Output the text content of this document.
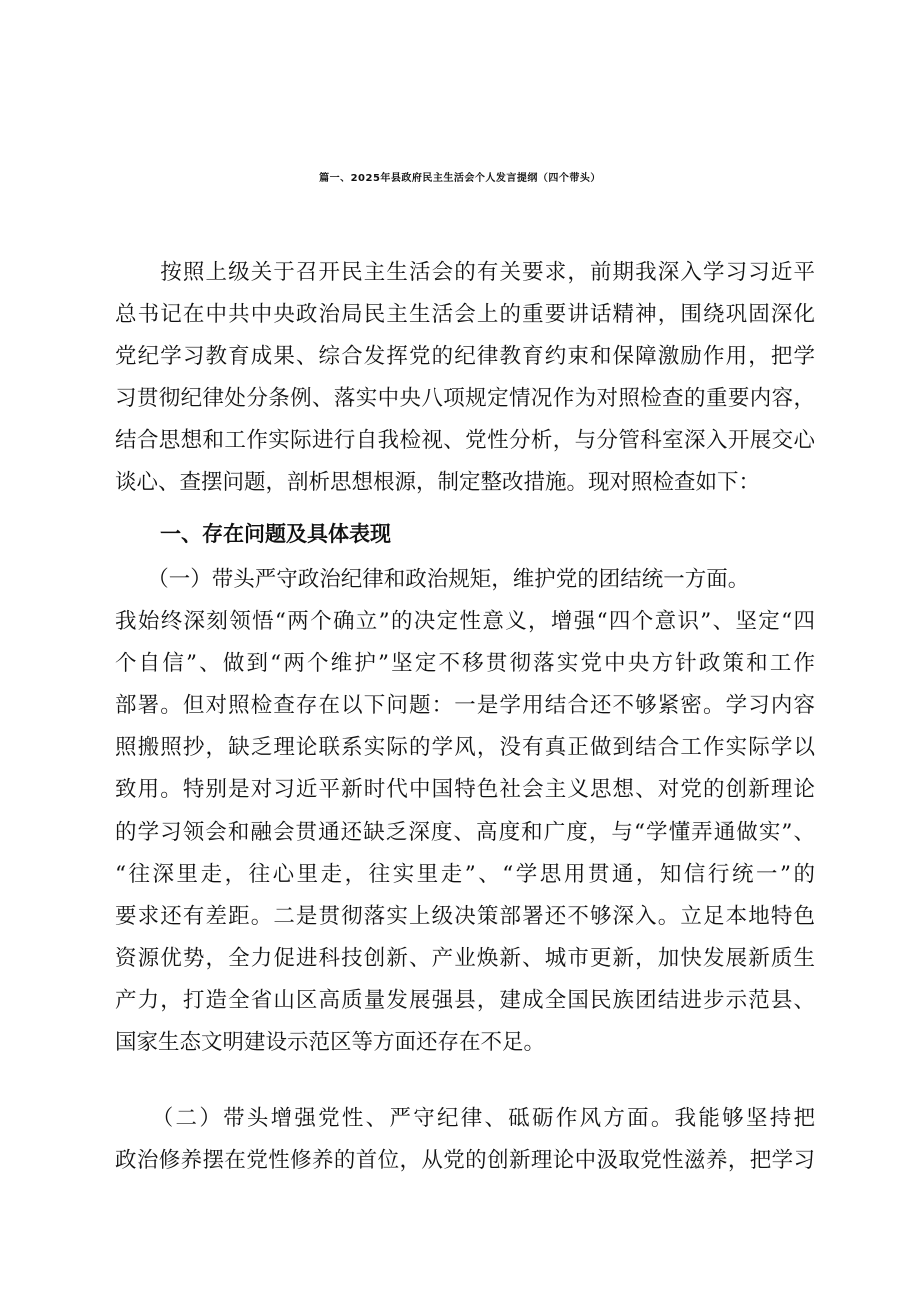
篇一、2025年县政府民主生活会个人发言提纲（四个带头）
　　按照上级关于召开民主生活会的有关要求，前期我深入学习习近平
总书记在中共中央政治局民主生活会上的重要讲话精神，围绕巩固深化
党纪学习教育成果、综合发挥党的纪律教育约束和保障激励作用，把学
习贯彻纪律处分条例、落实中央八项规定情况作为对照检查的重要内容，
结合思想和工作实际进行自我检视、党性分析，与分管科室深入开展交心
谈心、查摆问题，剖析思想根源，制定整改措施。现对照检查如下：
一、存在问题及具体表现
　　（一）带头严守政治纪律和政治规矩，维护党的团结统一方面。
我始终深刻领悟“两个确立”的决定性意义，增强“四个意识”、坚定“四
个自信”、做到“两个维护”坚定不移贯彻落实党中央方针政策和工作
部署。但对照检查存在以下问题：一是学用结合还不够紧密。学习内容
照搬照抄，缺乏理论联系实际的学风，没有真正做到结合工作实际学以
致用。特别是对习近平新时代中国特色社会主义思想、对党的创新理论
的学习领会和融会贯通还缺乏深度、高度和广度，与“学懂弄通做实”、
“往深里走，往心里走，往实里走”、“学思用贯通，知信行统一”的
要求还有差距。二是贯彻落实上级决策部署还不够深入。立足本地特色
资源优势，全力促进科技创新、产业焕新、城市更新，加快发展新质生
产力，打造全省山区高质量发展强县，建成全国民族团结进步示范县、
国家生态文明建设示范区等方面还存在不足。
　　（二）带头增强党性、严守纪律、砥砺作风方面。我能够坚持把
政治修养摆在党性修养的首位，从党的创新理论中汲取党性滋养，把学习
